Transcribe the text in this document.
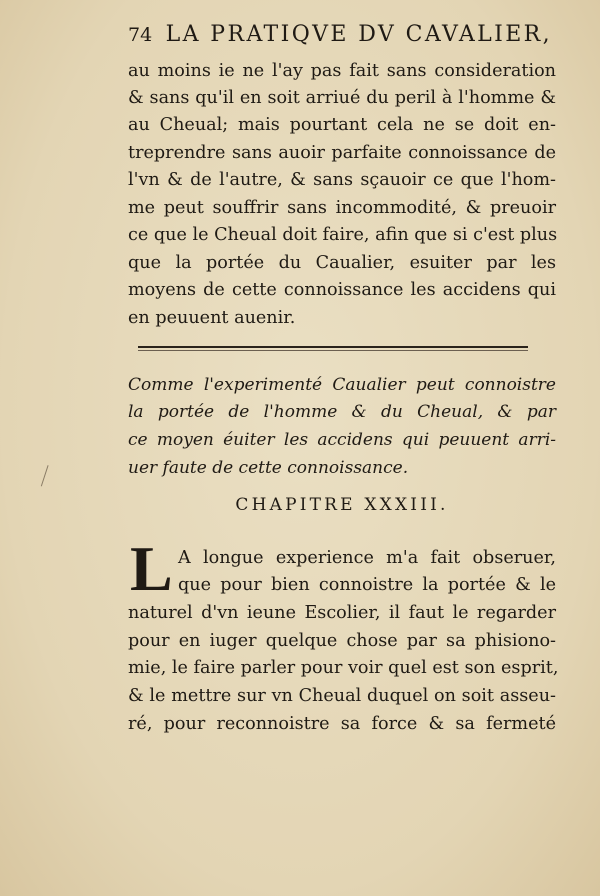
74 LA PRATIQVE DV CAVALIER,
au moins ie ne l'ay pas fait sans consideration
& sans qu'il en soit arriué du peril à l'homme &
au Cheual; mais pourtant cela ne se doit en-
treprendre sans auoir parfaite connoissance de
l'vn & de l'autre, & sans sçauoir ce que l'hom-
me peut souffrir sans incommodité, & preuoir
ce que le Cheual doit faire, afin que si c'est plus
que la portée du Caualier, esuiter par les
moyens de cette connoissance les accidens qui
en peuuent auenir.
Comme l'experimenté Caualier peut connoistre
la portée de l'homme & du Cheual, & par
ce moyen éuiter les accidens qui peuuent arri-
uer faute de cette connoissance.
CHAPITRE XXXIII.
L A longue experience m'a fait obseruer,
que pour bien connoistre la portée & le
naturel d'vn ieune Escolier, il faut le regarder
pour en iuger quelque chose par sa phisiono-
mie, le faire parler pour voir quel est son esprit,
& le mettre sur vn Cheual duquel on soit asseu-
ré, pour reconnoistre sa force & sa fermeté
